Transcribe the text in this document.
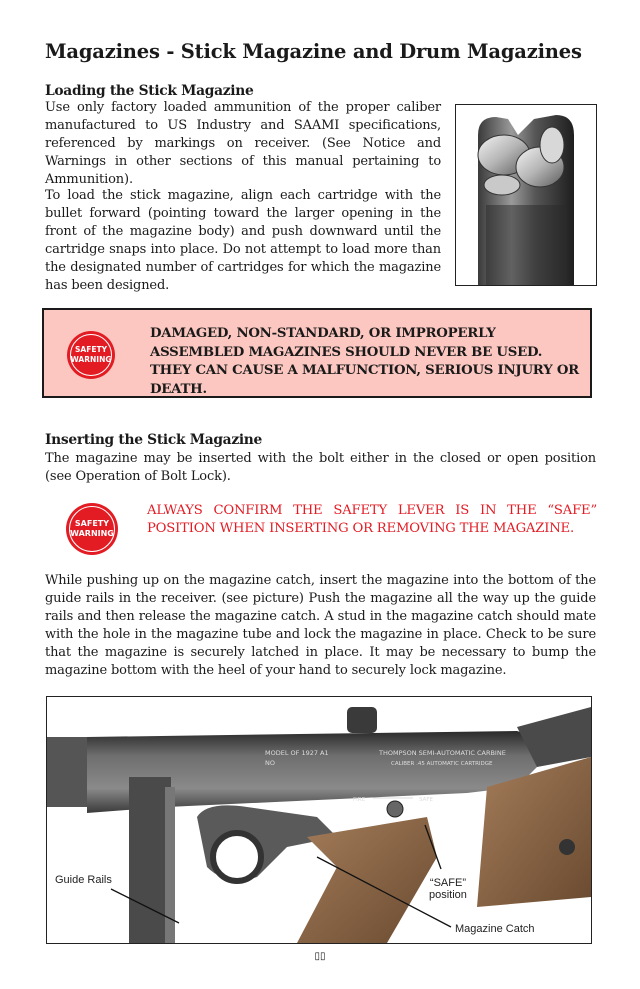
Magazines - Stick Magazine and Drum Magazines
Loading the Stick Magazine

Use only factory loaded ammunition of the proper caliber manufactured to US Industry and SAAMI specifications, referenced by markings on receiver. (See Notice and Warnings in other sections of this manual pertaining to Ammunition).

To load the stick magazine, align each cartridge with the bullet forward (pointing toward the larger opening in the front of the magazine body) and push downward until the cartridge snaps into place. Do not attempt to load more than the designated number of cartridges for which the magazine has been designed.

SAFETY
WARNING
DAMAGED, NON-STANDARD, OR IMPROPERLY ASSEMBLED MAGAZINES SHOULD NEVER BE USED. THEY CAN CAUSE A MALFUNCTION, SERIOUS INJURY OR DEATH.
Inserting the Stick Magazine

The magazine may be inserted with the bolt either in the closed or open position (see Operation of Bolt Lock).

SAFETY
WARNING
ALWAYS CONFIRM THE SAFETY LEVER IS IN THE “SAFE” POSITION WHEN INSERTING OR REMOVING THE MAGAZINE.

While pushing up on the magazine catch, insert the magazine into the bottom of the guide rails in the receiver. (see picture) Push the magazine all the way up the guide rails and then release the magazine catch. A stud in the magazine catch should mate with the hole in the magazine tube and lock the magazine in place. Check to be sure that the magazine is securely latched in place. It may be necessary to bump the magazine bottom with the heel of your hand to securely lock magazine.

MODEL OF 1927 A1
NO
THOMPSON SEMI-AUTOMATIC CARBINE
CALIBER .45 AUTOMATIC CARTRIDGE
FIRE	SAFE
Guide Rails	“SAFE”
position
Magazine Catch
▯▯
